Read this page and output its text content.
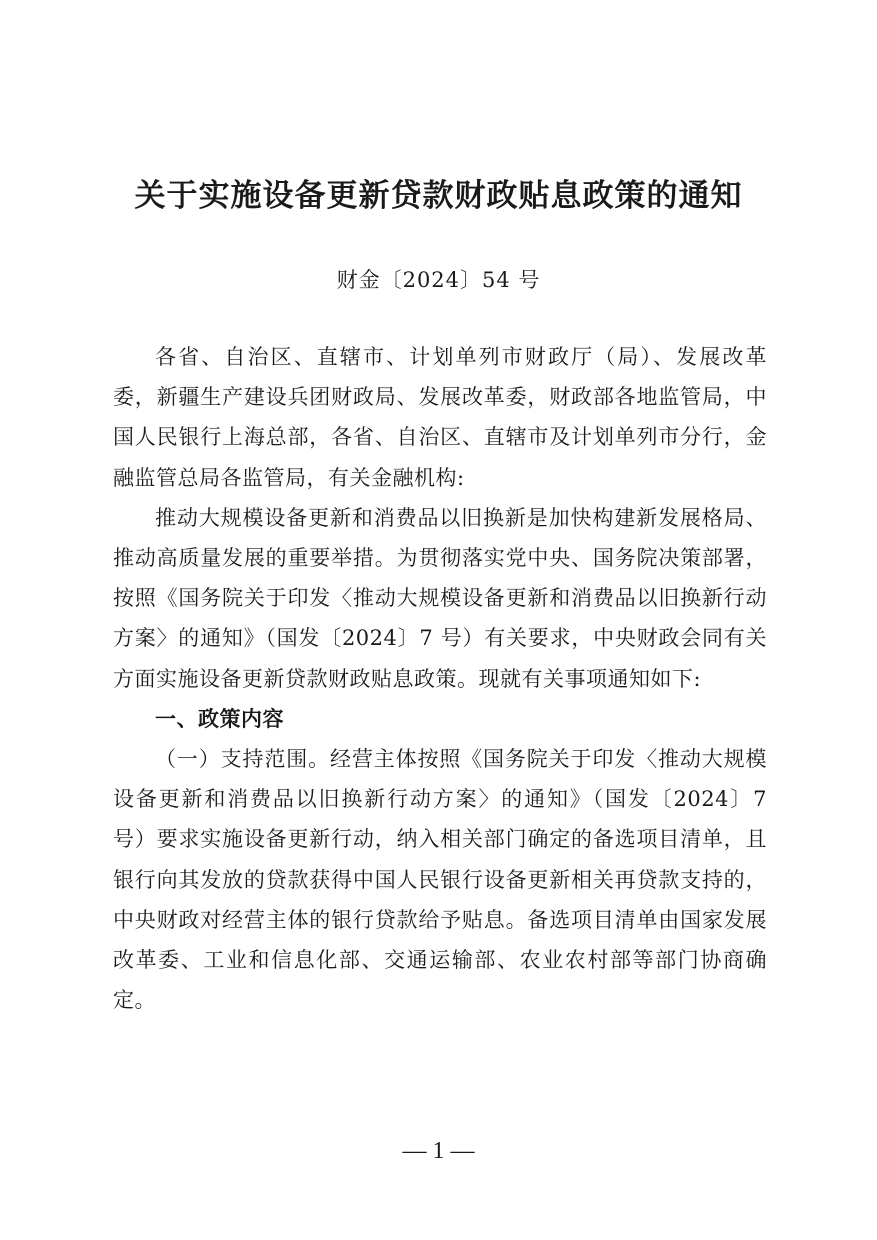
关于实施设备更新贷款财政贴息政策的通知
财金〔2024〕54 号

各省、自治区、直辖市、计划单列市财政厅（局）、发展改革委，新疆生产建设兵团财政局、发展改革委，财政部各地监管局，中国人民银行上海总部，各省、自治区、直辖市及计划单列市分行，金融监管总局各监管局，有关金融机构:

推动大规模设备更新和消费品以旧换新是加快构建新发展格局、推动高质量发展的重要举措。为贯彻落实党中央、国务院决策部署，按照《国务院关于印发〈推动大规模设备更新和消费品以旧换新行动方案〉的通知》（国发〔2024〕7 号）有关要求，中央财政会同有关方面实施设备更新贷款财政贴息政策。现就有关事项通知如下:

一、政策内容

（一）支持范围。经营主体按照《国务院关于印发〈推动大规模设备更新和消费品以旧换新行动方案〉的通知》（国发〔2024〕7 号）要求实施设备更新行动，纳入相关部门确定的备选项目清单，且银行向其发放的贷款获得中国人民银行设备更新相关再贷款支持的，中央财政对经营主体的银行贷款给予贴息。备选项目清单由国家发展改革委、工业和信息化部、交通运输部、农业农村部等部门协商确定。

— 1 —
